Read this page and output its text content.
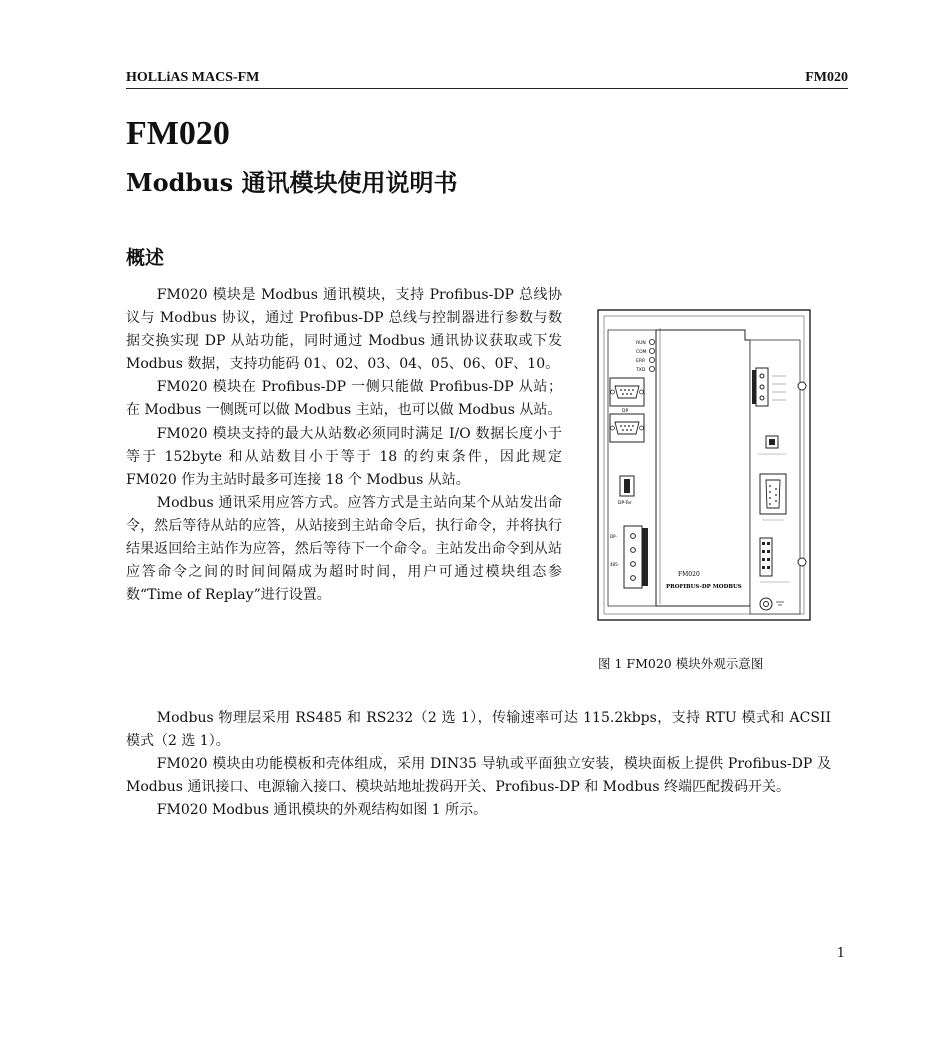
HOLLiAS MACS-FM	FM020
FM020
Modbus 通讯模块使用说明书
概述

FM020 模块是 Modbus 通讯模块，支持 Profibus-DP 总线协议与 Modbus 协议，通过 Profibus-DP 总线与控制器进行参数与数据交换实现 DP 从站功能，同时通过 Modbus 通讯协议获取或下发 Modbus 数据，支持功能码 01、02、03、04、05、06、0F、10。

FM020 模块在 Profibus-DP 一侧只能做 Profibus-DP 从站；在 Modbus 一侧既可以做 Modbus 主站，也可以做 Modbus 从站。

FM020 模块支持的最大从站数必须同时满足 I/O 数据长度小于等于 152byte 和从站数目小于等于 18 的约束条件，因此规定 FM020 作为主站时最多可连接 18 个 Modbus 从站。

Modbus 通讯采用应答方式。应答方式是主站向某个从站发出命令，然后等待从站的应答，从站接到主站命令后，执行命令，并将执行结果返回给主站作为应答，然后等待下一个命令。主站发出命令到从站应答命令之间的时间间隔成为超时时间，用户可通过模块组态参数“Time of Replay”进行设置。

RUN
COM
ERR
TXD
DP-Ter
DP-
485-
DP
FM020
PROFIBUS-DP MODBUS
图 1 FM020 模块外观示意图

Modbus 物理层采用 RS485 和 RS232（2 选 1），传输速率可达 115.2kbps，支持 RTU 模式和 ACSII 模式（2 选 1）。

FM020 模块由功能模板和壳体组成，采用 DIN35 导轨或平面独立安装，模块面板上提供 Profibus-DP 及 Modbus 通讯接口、电源输入接口、模块站地址拨码开关、Profibus-DP 和 Modbus 终端匹配拨码开关。

FM020 Modbus 通讯模块的外观结构如图 1 所示。

1
